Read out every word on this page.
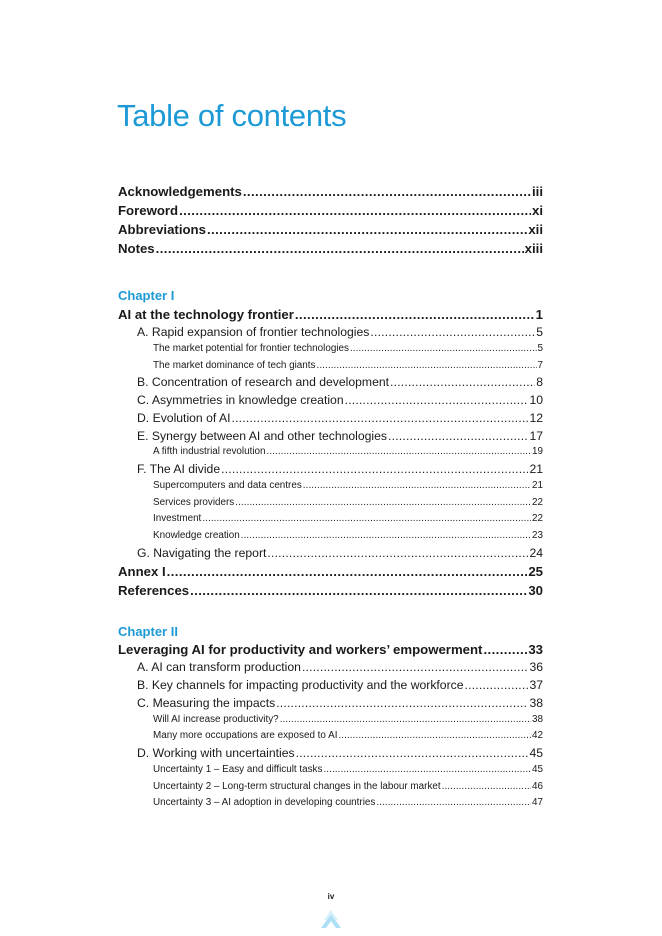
Table of contents
Acknowledgements .....	iii
Foreword .....	xi
Abbreviations .....	xii
Notes .....	xiii
Chapter I
AI at the technology frontier .....	1
A. Rapid expansion of frontier technologies .....	5
The market potential for frontier technologies .....	5
The market dominance of tech giants .....	7
B. Concentration of research and development .....	8
C. Asymmetries in knowledge creation .....	10
D. Evolution of AI .....	12
E. Synergy between AI and other technologies .....	17
A fifth industrial revolution .....	19
F. The AI divide .....	21
Supercomputers and data centres .....	21
Services providers .....	22
Investment .....	22
Knowledge creation .....	23
G. Navigating the report .....	24
Annex I .....	25
References .....	30
Chapter II
Leveraging AI for productivity and workers’ empowerment .....	33
A. AI can transform production .....	36
B. Key channels for impacting productivity and the workforce .....	37
C. Measuring the impacts .....	38
Will AI increase productivity? .....	38
Many more occupations are exposed to AI .....	42
D. Working with uncertainties .....	45
Uncertainty 1 – Easy and difficult tasks .....	45
Uncertainty 2 – Long-term structural changes in the labour market .....	46
Uncertainty 3 – AI adoption in developing countries .....	47
iv
